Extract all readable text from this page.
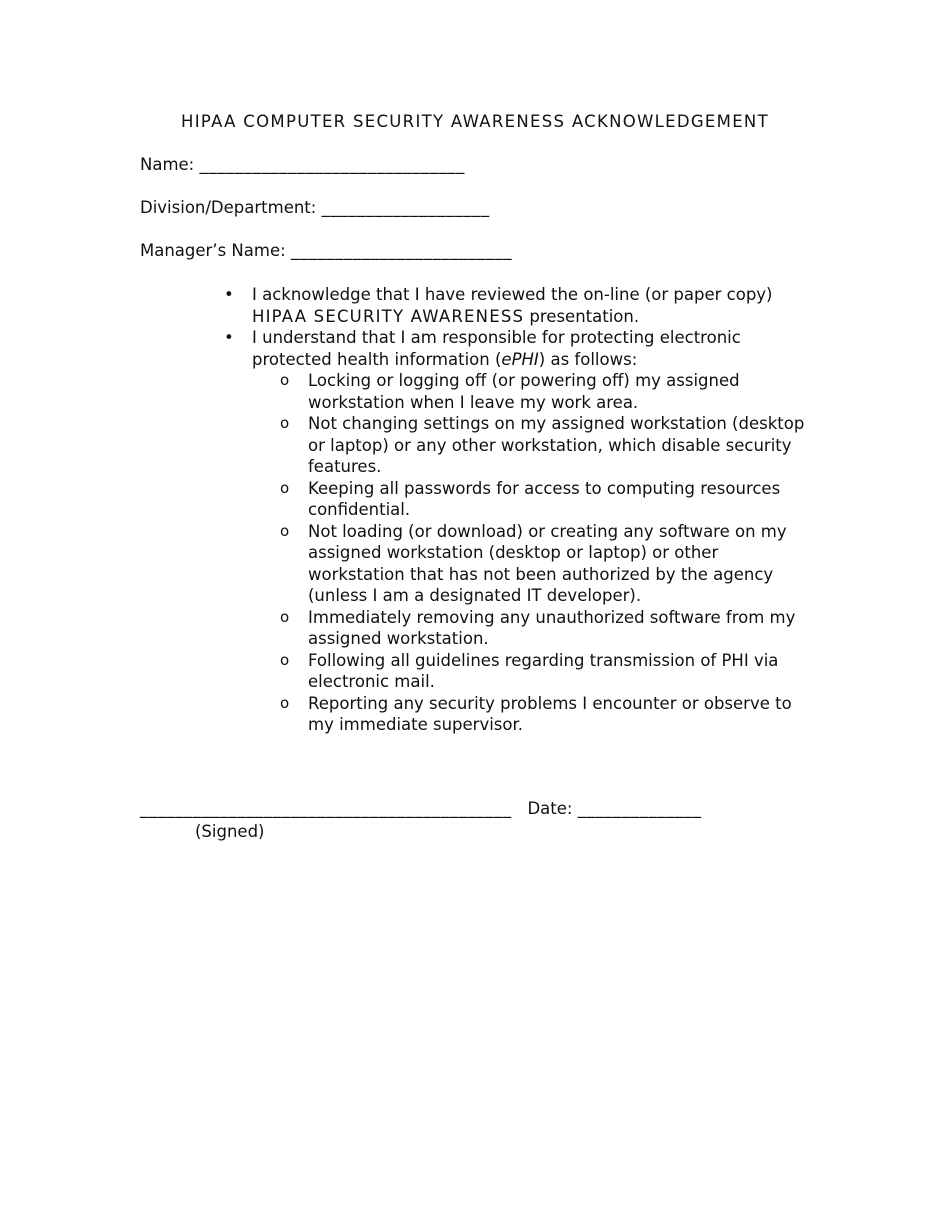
HIPAA COMPUTER SECURITY AWARENESS ACKNOWLEDGEMENT
Name: ______________________________
Division/Department: ___________________
Manager’s Name: _________________________
• I acknowledge that I have reviewed the on-line (or paper copy)
HIPAA SECURITY AWARENESS presentation.
• I understand that I am responsible for protecting electronic protected health information (ePHI) as follows:
o Locking or logging off (or powering off) my assigned workstation when I leave my work area.
o Not changing settings on my assigned workstation (desktop or laptop) or any other workstation, which disable security features.
o Keeping all passwords for access to computing resources confidential.
o Not loading (or download) or creating any software on my assigned workstation (desktop or laptop) or other workstation that has not been authorized by the agency (unless I am a designated IT developer).
o Immediately removing any unauthorized software from my assigned workstation.
o Following all guidelines regarding transmission of PHI via electronic mail.
o Reporting any security problems I encounter or observe to my immediate supervisor.
__________________________________________ Date: ______________
(Signed)
